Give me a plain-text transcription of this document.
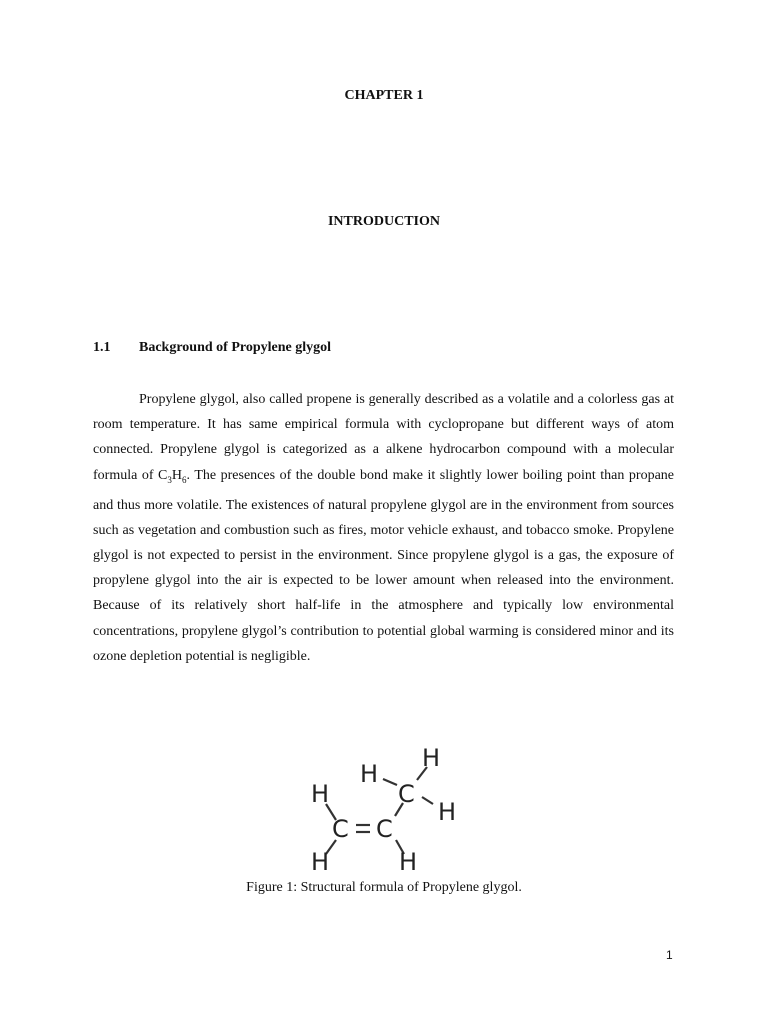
CHAPTER 1
INTRODUCTION
1.1 Background of Propylene glygol

Propylene glygol, also called propene is generally described as a volatile and a colorless gas at room temperature. It has same empirical formula with cyclopropane but different ways of atom connected. Propylene glygol is categorized as a alkene hydrocarbon compound with a molecular formula of $C_3H_6$. The presences of the double bond make it slightly lower boiling point than propane and thus more volatile. The existences of natural propylene glygol are in the environment from sources such as vegetation and combustion such as fires, motor vehicle exhaust, and tobacco smoke. Propylene glygol is not expected to persist in the environment. Since propylene glygol is a gas, the exposure of propylene glygol into the air is expected to be lower amount when released into the environment. Because of its relatively short half-life in the atmosphere and typically low environmental concentrations, propylene glygol’s contribution to potential global warming is considered minor and its ozone depletion potential is negligible.

H
H
C
H
H
C C
H	H
Figure 1: Structural formula of Propylene glygol.
1
